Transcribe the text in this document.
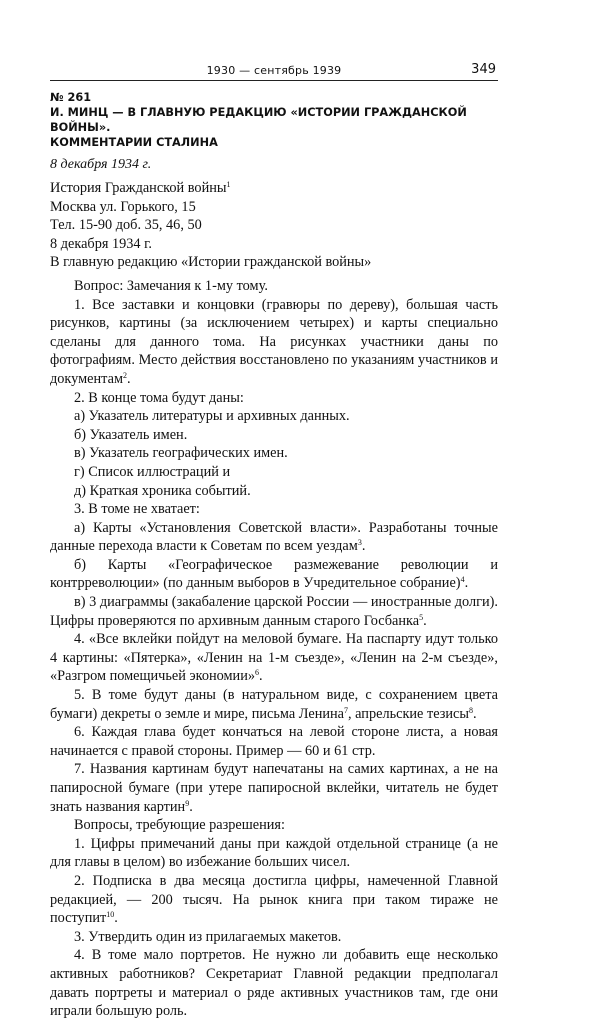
1930 — сентябрь 1939	349
№ 261
И. МИНЦ — В ГЛАВНУЮ РЕДАКЦИЮ «ИСТОРИИ ГРАЖДАНСКОЙ ВОЙНЫ».
КОММЕНТАРИИ СТАЛИНА
8 декабря 1934 г.

История Гражданской войны$^1$

Москва ул. Горького, 15

Тел. 15-90 доб. 35, 46, 50

8 декабря 1934 г.

В главную редакцию «Истории гражданской войны»

Вопрос: Замечания к 1-му тому.

1. Все заставки и концовки (гравюры по дереву), большая часть рисунков, картины (за исключением четырех) и карты специально сделаны для данного тома. На рисунках участники даны по фотографиям. Место действия восстановлено по указаниям участников и документам$^2$.

2. В конце тома будут даны:

а) Указатель литературы и архивных данных.

б) Указатель имен.

в) Указатель географических имен.

г) Список иллюстраций и

д) Краткая хроника событий.

3. В томе не хватает:

а) Карты «Установления Советской власти». Разработаны точные данные перехода власти к Советам по всем уездам$^3$.

б) Карты «Географическое размежевание революции и контрреволюции» (по данным выборов в Учредительное собрание)$^4$.

в) 3 диаграммы (закабаление царской России — иностранные долги). Цифры проверяются по архивным данным старого Госбанка$^5$.

4. «Все вклейки пойдут на меловой бумаге. На паспарту идут только 4 картины: «Пятерка», «Ленин на 1-м съезде», «Ленин на 2-м съезде», «Разгром помещичьей экономии»$^6$.

5. В томе будут даны (в натуральном виде, с сохранением цвета бумаги) декреты о земле и мире, письма Ленина$^7$, апрельские тезисы$^8$.

6. Каждая глава будет кончаться на левой стороне листа, а новая начинается с правой стороны. Пример — 60 и 61 стр.

7. Названия картинам будут напечатаны на самих картинах, а не на папиросной бумаге (при утере папиросной вклейки, читатель не будет знать названия картин$^9$.

Вопросы, требующие разрешения:

1. Цифры примечаний даны при каждой отдельной странице (а не для главы в целом) во избежание больших чисел.

2. Подписка в два месяца достигла цифры, намеченной Главной редакцией, — 200 тысяч. На рынок книга при таком тираже не поступит$^{10}$.

3. Утвердить один из прилагаемых макетов.

4. В томе мало портретов. Не нужно ли добавить еще несколько активных работников? Секретариат Главной редакции предполагал давать портреты и материал о ряде активных участников там, где они играли большую роль.
